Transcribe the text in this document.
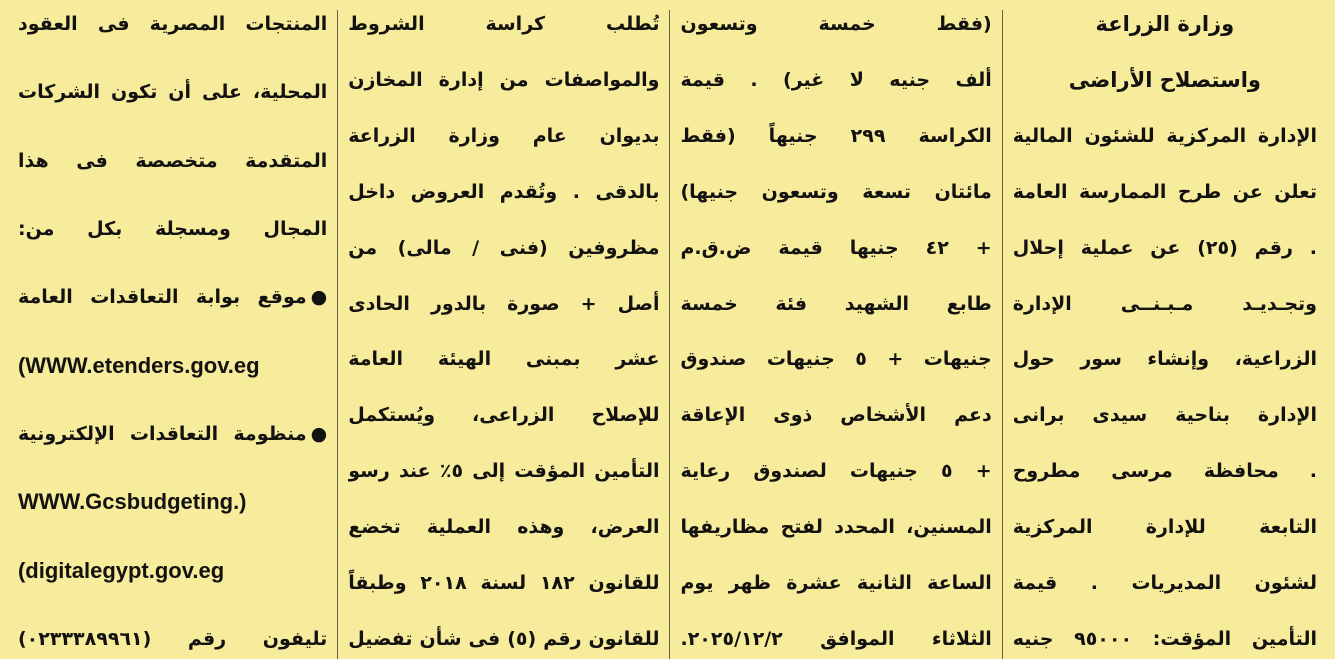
وزارة الزراعة
واستصلاح الأراضى
الإدارة المركزية للشئون المالية
تعلن عن طرح الممارسة العامة
. رقم (٢٥) عن عملية إحلال
وتجـديـد مـبـنــى الإدارة
الزراعية، وإنشاء سور حول
الإدارة بناحية سيدى برانى
. محافظة مرسى مطروح
التابعة للإدارة المركزية
لشئون المديريات . قيمة
التأمين المؤقت: ٩٥٠٠٠ جنيه
(فقط خمسة وتسعون
ألف جنيه لا غير) . قيمة
الكراسة ٢٩٩ جنيهاً (فقط
مائتان تسعة وتسعون جنيها)
+ ٤٢ جنيها قيمة ض.ق.م
طابع الشهيد فئة خمسة
جنيهات + ٥ جنيهات صندوق
دعم الأشخاص ذوى الإعاقة
+ ٥ جنيهات لصندوق رعاية
المسنين، المحدد لفتح مظاريفها
الساعة الثانية عشرة ظهر يوم
الثلاثاء الموافق ٢٠٢٥/١٢/٢.
تُطلب كراسة الشروط
والمواصفات من إدارة المخازن
بديوان عام وزارة الزراعة
بالدقى . وتُقدم العروض داخل
مظروفين (فنى / مالى) من
أصل + صورة بالدور الحادى
عشر بمبنى الهيئة العامة
للإصلاح الزراعى، ويُستكمل
التأمين المؤقت إلى ٥٪ عند رسو
العرض، وهذه العملية تخضع
للقانون ١٨٢ لسنة ٢٠١٨ وطبقاً
للقانون رقم (٥) فى شأن تفضيل
المنتجات المصرية فى العقود
المحلية، على أن تكون الشركات
المتقدمة متخصصة فى هذا
المجال ومسجلة بكل من:
●موقع بوابة التعاقدات العامة
(WWW.etenders.gov.eg
●منظومة التعاقدات الإلكترونية
WWW.Gcsbudgeting.)
(digitalegypt.gov.eg
تليفون رقم (٠٢٣٣٣٨٩٩٦١)
